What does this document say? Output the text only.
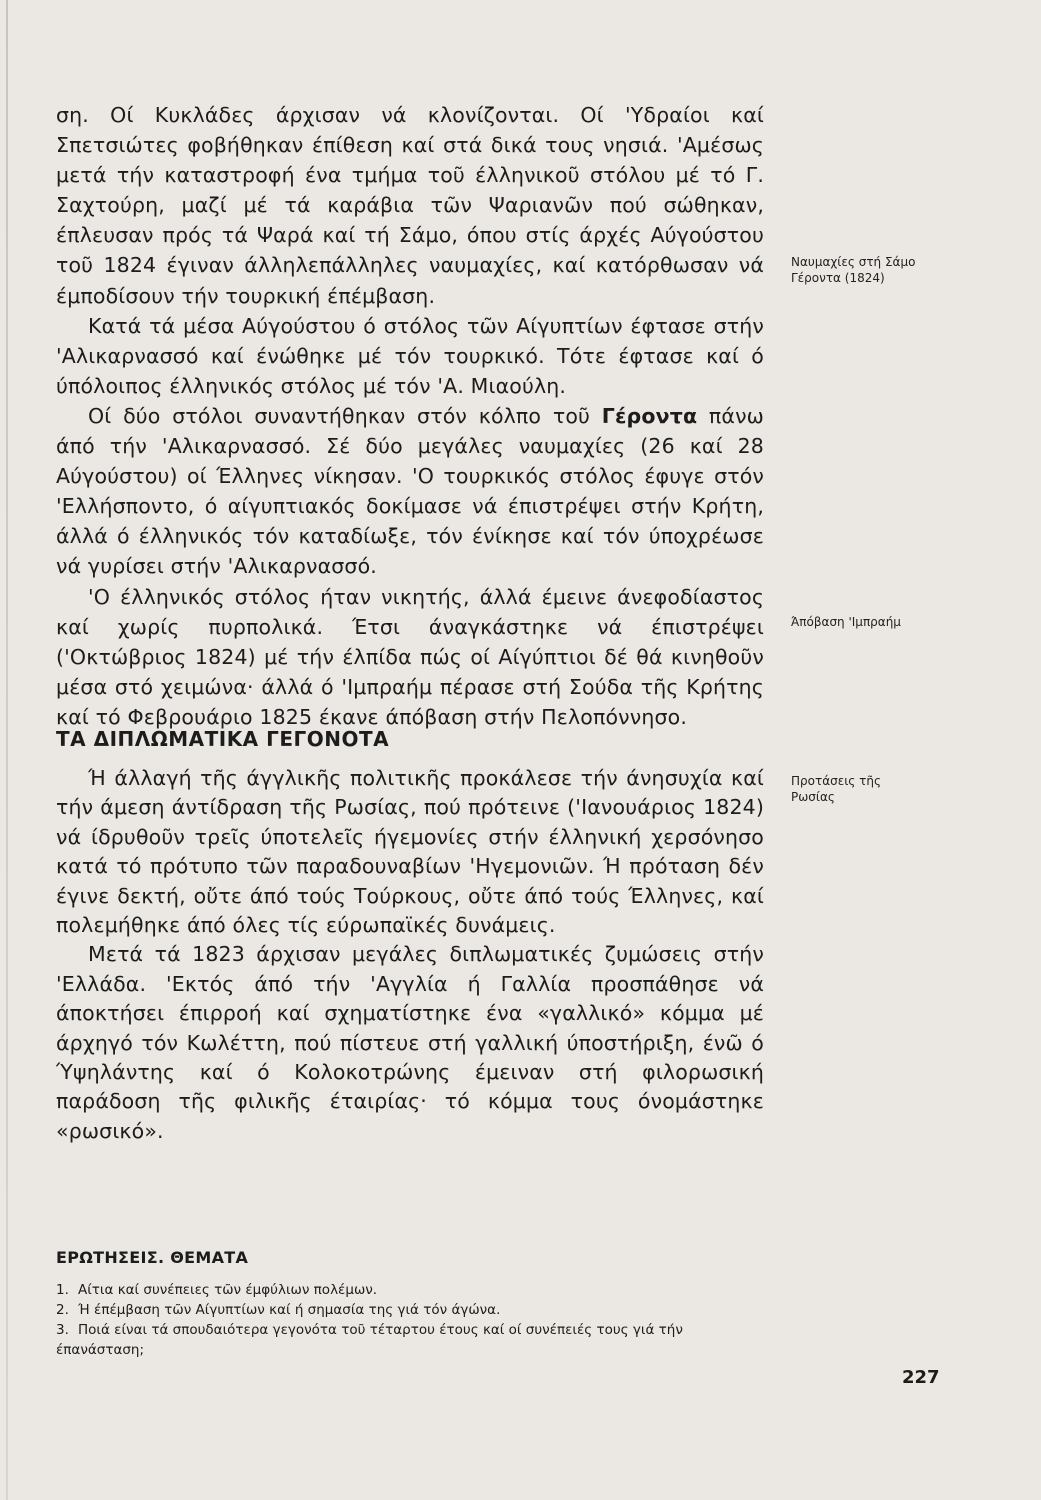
ση. Οί Κυκλάδες άρχισαν νά κλονίζονται. Οί 'Υδραίοι καί Σπετσιώτες φοβήθηκαν έπίθεση καί στά δικά τους νησιά. 'Αμέσως μετά τήν καταστροφή ένα τμήμα τοῦ έλληνικοῦ στόλου μέ τό Γ. Σαχτούρη, μαζί μέ τά καράβια τῶν Ψαριανῶν πού σώθηκαν, έπλευσαν πρός τά Ψαρά καί τή Σάμο, όπου στίς άρχές Αύγούστου τοῦ 1824 έγιναν άλληλεπάλληλες ναυμαχίες, καί κατόρθωσαν νά έμποδίσουν τήν τουρκική έπέμβαση.

Κατά τά μέσα Αύγούστου ό στόλος τῶν Αίγυπτίων έφτασε στήν 'Αλικαρνασσό καί ένώθηκε μέ τόν τουρκικό. Τότε έφτασε καί ό ύπόλοιπος έλληνικός στόλος μέ τόν 'Α. Μιαούλη.

Οί δύο στόλοι συναντήθηκαν στόν κόλπο τοῦ Γέροντα πάνω άπό τήν 'Αλικαρνασσό. Σέ δύο μεγάλες ναυμαχίες (26 καί 28 Αύγούστου) οί Έλληνες νίκησαν. 'Ο τουρκικός στόλος έφυγε στόν 'Ελλήσποντο, ό αίγυπτιακός δοκίμασε νά έπιστρέψει στήν Κρήτη, άλλά ό έλληνικός τόν καταδίωξε, τόν ένίκησε καί τόν ύποχρέωσε νά γυρίσει στήν 'Αλικαρνασσό.

'Ο έλληνικός στόλος ήταν νικητής, άλλά έμεινε άνεφοδίαστος καί χωρίς πυρπολικά. Έτσι άναγκάστηκε νά έπιστρέψει ('Οκτώβριος 1824) μέ τήν έλπίδα πώς οί Αίγύπτιοι δέ θά κινηθοῦν μέσα στό χειμώνα· άλλά ό 'Ιμπραήμ πέρασε στή Σούδα τῆς Κρήτης καί τό Φεβρουάριο 1825 έκανε άπόβαση στήν Πελοπόννησο.

Ναυμαχίες στή Σάμο
Γέροντα (1824)
Άπόβαση 'Ιμπραήμ
ΤΑ ΔΙΠΛΩΜΑΤΙΚΑ ΓΕΓΟΝΟΤΑ

Ή άλλαγή τῆς άγγλικῆς πολιτικῆς προκάλεσε τήν άνησυχία καί τήν άμεση άντίδραση τῆς Ρωσίας, πού πρότεινε ('Ιανουάριος 1824) νά ίδρυθοῦν τρεῖς ύποτελεῖς ήγεμονίες στήν έλληνική χερσόνησο κατά τό πρότυπο τῶν παραδουναβίων 'Ηγεμονιῶν. Ή πρόταση δέν έγινε δεκτή, οὔτε άπό τούς Τούρκους, οὔτε άπό τούς Έλληνες, καί πολεμήθηκε άπό όλες τίς εύρωπαϊκές δυνάμεις.

Μετά τά 1823 άρχισαν μεγάλες διπλωματικές ζυμώσεις στήν 'Ελλάδα. 'Εκτός άπό τήν 'Αγγλία ή Γαλλία προσπάθησε νά άποκτήσει έπιρροή καί σχηματίστηκε ένα «γαλλικό» κόμμα μέ άρχηγό τόν Κωλέττη, πού πίστευε στή γαλλική ύποστήριξη, ένῶ ό Ύψηλάντης καί ό Κολοκοτρώνης έμειναν στή φιλορωσική παράδοση τῆς φιλικῆς έταιρίας· τό κόμμα τους όνομάστηκε «ρωσικό».

Προτάσεις τῆς
Ρωσίας
ΕΡΩΤΗΣΕΙΣ. ΘΕΜΑΤΑ
1. Αίτια καί συνέπειες τῶν έμφύλιων πολέμων.
2. Ή έπέμβαση τῶν Αίγυπτίων καί ή σημασία της γιά τόν άγώνα.
3. Ποιά είναι τά σπουδαιότερα γεγονότα τοῦ τέταρτου έτους καί οί συνέπειές τους γιά τήν έπανάσταση;
227
